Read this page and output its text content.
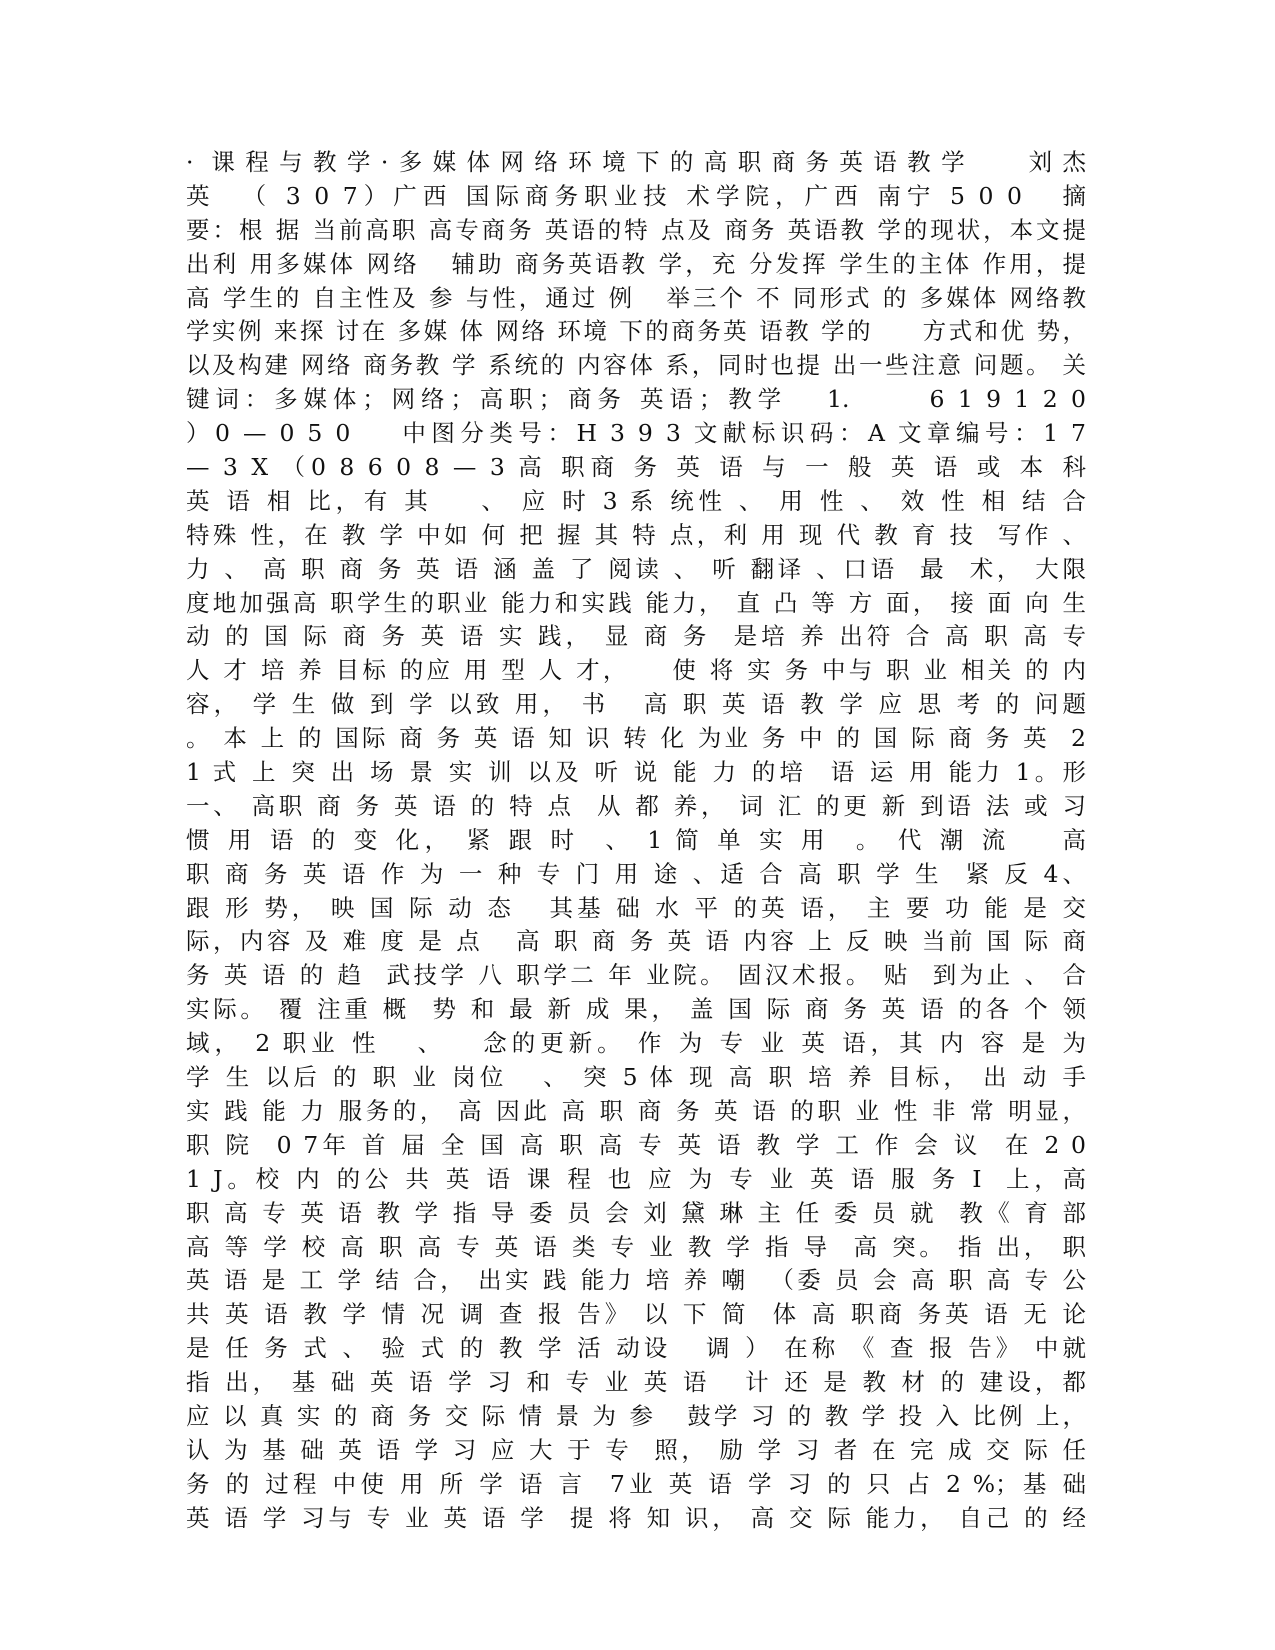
· 课程与教学·多媒体网络环境下的高职商务英语教学   刘杰
英  （ 3 0 7）广西 国际商务职业技 术学院，广西 南宁 5 0 0   摘
要：根 据 当前高职 高专商务 英语的特 点及 商务 英语教 学的现状，本文提
出利 用多媒体 网络   辅助 商务英语教 学，充 分发挥 学生的主体 作用，提
高 学生的 自主性及 参 与性，通过 例   举三个 不 同形式 的 多媒体 网络教
学实例 来探 讨在 多媒 体 网络 环境 下的商务英 语教 学的     方式和优 势，
以及构建 网络 商务教 学 系统的 内容体 系，同时也提 出一些注意 问题。 关
键词：多媒体；网络；高职；商务 英语；教学   1.      6 1 9 1 2 0
）0 — 0 5 0    中图分类号：H 3 9 3 文献标识码：A 文章编号：1 7
— 3 X （0 8 6 0 8 — 3 高 职商 务 英 语 与 一 般 英 语 或 本 科
英 语 相 比，有 其    、 应 时 3 系 统性 、 用 性 、 效 性 相 结 合
特殊 性，在 教 学 中如 何 把 握 其 特 点，利 用 现 代 教 育 技  写作 、
力 、 高 职 商 务 英 语 涵 盖 了 阅读 、 听 翻译 、口语  最  术， 大限
度地加强高 职学生的职业 能力和实践 能力， 直 凸 等 方 面， 接 面 向 生
动 的 国 际 商 务 英 语 实 践， 显 商 务  是培 养 出符 合 高 职 高 专
人 才 培 养 目标 的应 用 型 人 才，    使 将 实 务 中与 职 业 相关 的 内
容， 学 生 做 到 学 以致 用， 书   高 职 英 语 教 学 应 思 考 的 问题
。 本 上 的 国际 商 务 英 语 知 识 转 化 为业 务 中 的 国 际 商 务 英  2
1 式 上 突 出 场 景 实 训 以及 听 说 能 力 的培  语 运 用 能力 1。形
一、 高职 商 务 英 语 的 特 点  从 都 养， 词 汇 的更 新 到语 法 或 习
惯 用 语 的 变 化， 紧 跟 时  、 1 简 单 实 用  。 代 潮 流    高
职 商 务 英 语 作 为 一 种 专 门 用 途 、适 合 高 职 学 生  紧 反 4、
跟 形 势， 映 国 际 动 态   其基 础 水 平 的英 语， 主 要 功 能 是 交
际，内容 及 难 度 是 点   高 职 商 务 英 语 内容 上 反 映 当前 国 际 商
务 英 语 的 趋  武技学 八 职学二 年 业院。 固汉术报。 贴  到为止 、 合
实际。 覆 注重 概  势 和 最 新 成 果， 盖 国 际 商 务 英 语 的各 个 领
域， 2 职业 性   、   念的更新。 作 为 专 业 英 语，其 内 容 是 为
学 生 以后 的 职 业 岗位   、 突 5 体 现 高 职 培 养 目标， 出 动 手
实 践 能 力 服务的， 高 因此 高 职 商 务 英 语 的职 业 性 非 常 明显，
职 院  0 7年 首 届 全 国 高 职 高 专 英 语 教 学 工 作 会 议  在 2 0
1 J。校 内 的公 共 英 语 课 程 也 应 为 专 业 英 语 服 务 I  上，高
职 高 专 英 语 教 学 指 导 委 员 会 刘 黛 琳 主 任 委 员 就  教《 育 部
高 等 学 校 高 职 高 专 英 语 类 专 业 教 学 指 导  高 突。 指 出， 职
英 语 是 工 学 结 合， 出实 践 能力 培 养 嘲  （委 员 会 高 职 高 专 公
共 英 语 教 学 情 况 调 查 报 告》 以 下 简  体 高 职商 务英 语 无 论
是 任 务 式 、 验 式 的 教 学 活 动设   调 ） 在称 《 查 报 告》 中就
指 出， 基 础 英 语 学 习 和 专 业 英 语   计 还 是 教 材 的 建设，都
应 以 真 实 的 商 务 交 际 情 景 为 参   鼓学 习 的 教 学 投 入 比例 上，
认 为 基 础 英 语 学 习 应 大 于 专  照， 励 学 习 者 在 完 成 交 际 任
务 的 过程 中使 用 所 学 语 言  7业 英 语 学 习 的 只 占 2 %；基 础
英 语 学 习与 专 业 英 语 学  提 将 知 识， 高 交 际 能力， 自己 的 经
